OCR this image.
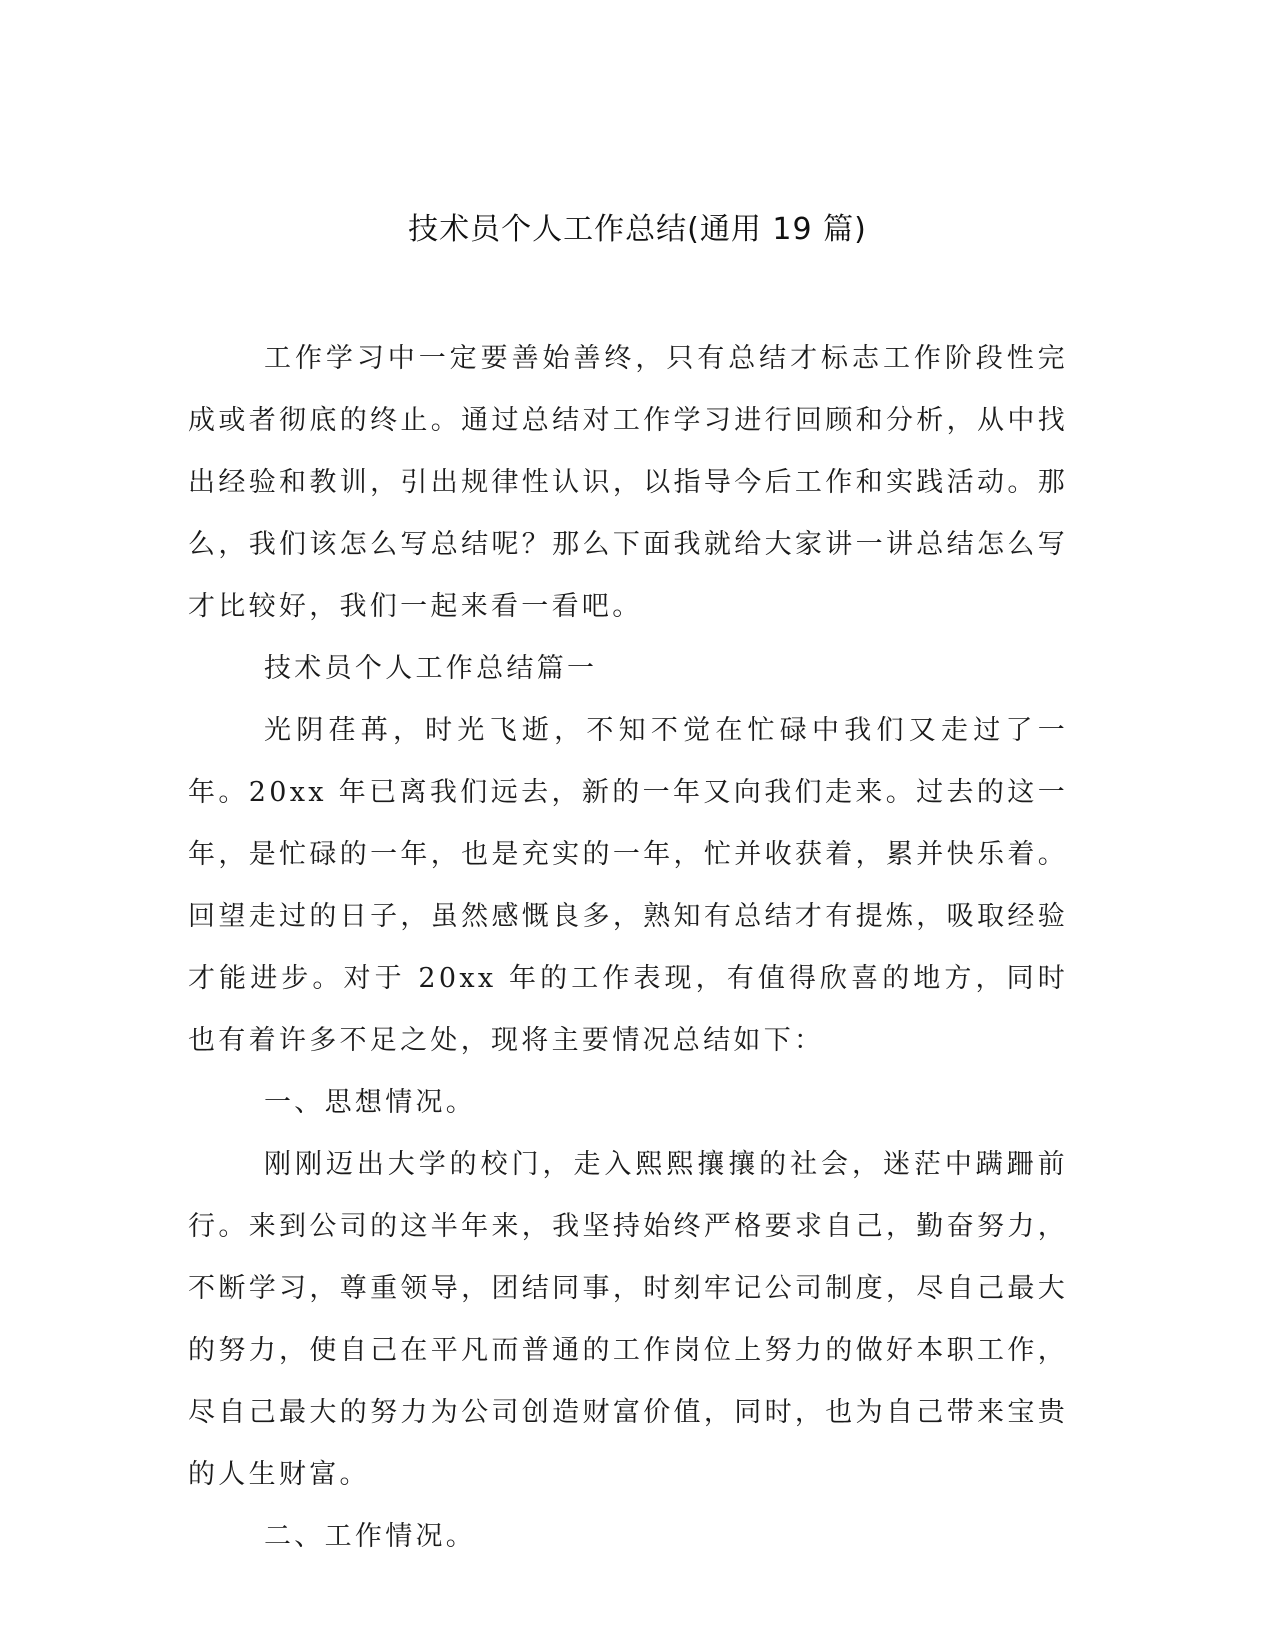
技术员个人工作总结(通用 19 篇)

工作学习中一定要善始善终，只有总结才标志工作阶段性完成或者彻底的终止。通过总结对工作学习进行回顾和分析，从中找出经验和教训，引出规律性认识，以指导今后工作和实践活动。那么，我们该怎么写总结呢？那么下面我就给大家讲一讲总结怎么写才比较好，我们一起来看一看吧。

技术员个人工作总结篇一

光阴荏苒，时光飞逝，不知不觉在忙碌中我们又走过了一年。20xx 年已离我们远去，新的一年又向我们走来。过去的这一年，是忙碌的一年，也是充实的一年，忙并收获着，累并快乐着。回望走过的日子，虽然感慨良多，熟知有总结才有提炼，吸取经验才能进步。对于 20xx 年的工作表现，有值得欣喜的地方，同时也有着许多不足之处，现将主要情况总结如下：

一、思想情况。

刚刚迈出大学的校门，走入熙熙攘攘的社会，迷茫中蹒跚前行。来到公司的这半年来，我坚持始终严格要求自己，勤奋努力，不断学习，尊重领导，团结同事，时刻牢记公司制度，尽自己最大的努力，使自己在平凡而普通的工作岗位上努力的做好本职工作，尽自己最大的努力为公司创造财富价值，同时，也为自己带来宝贵的人生财富。

二、工作情况。
